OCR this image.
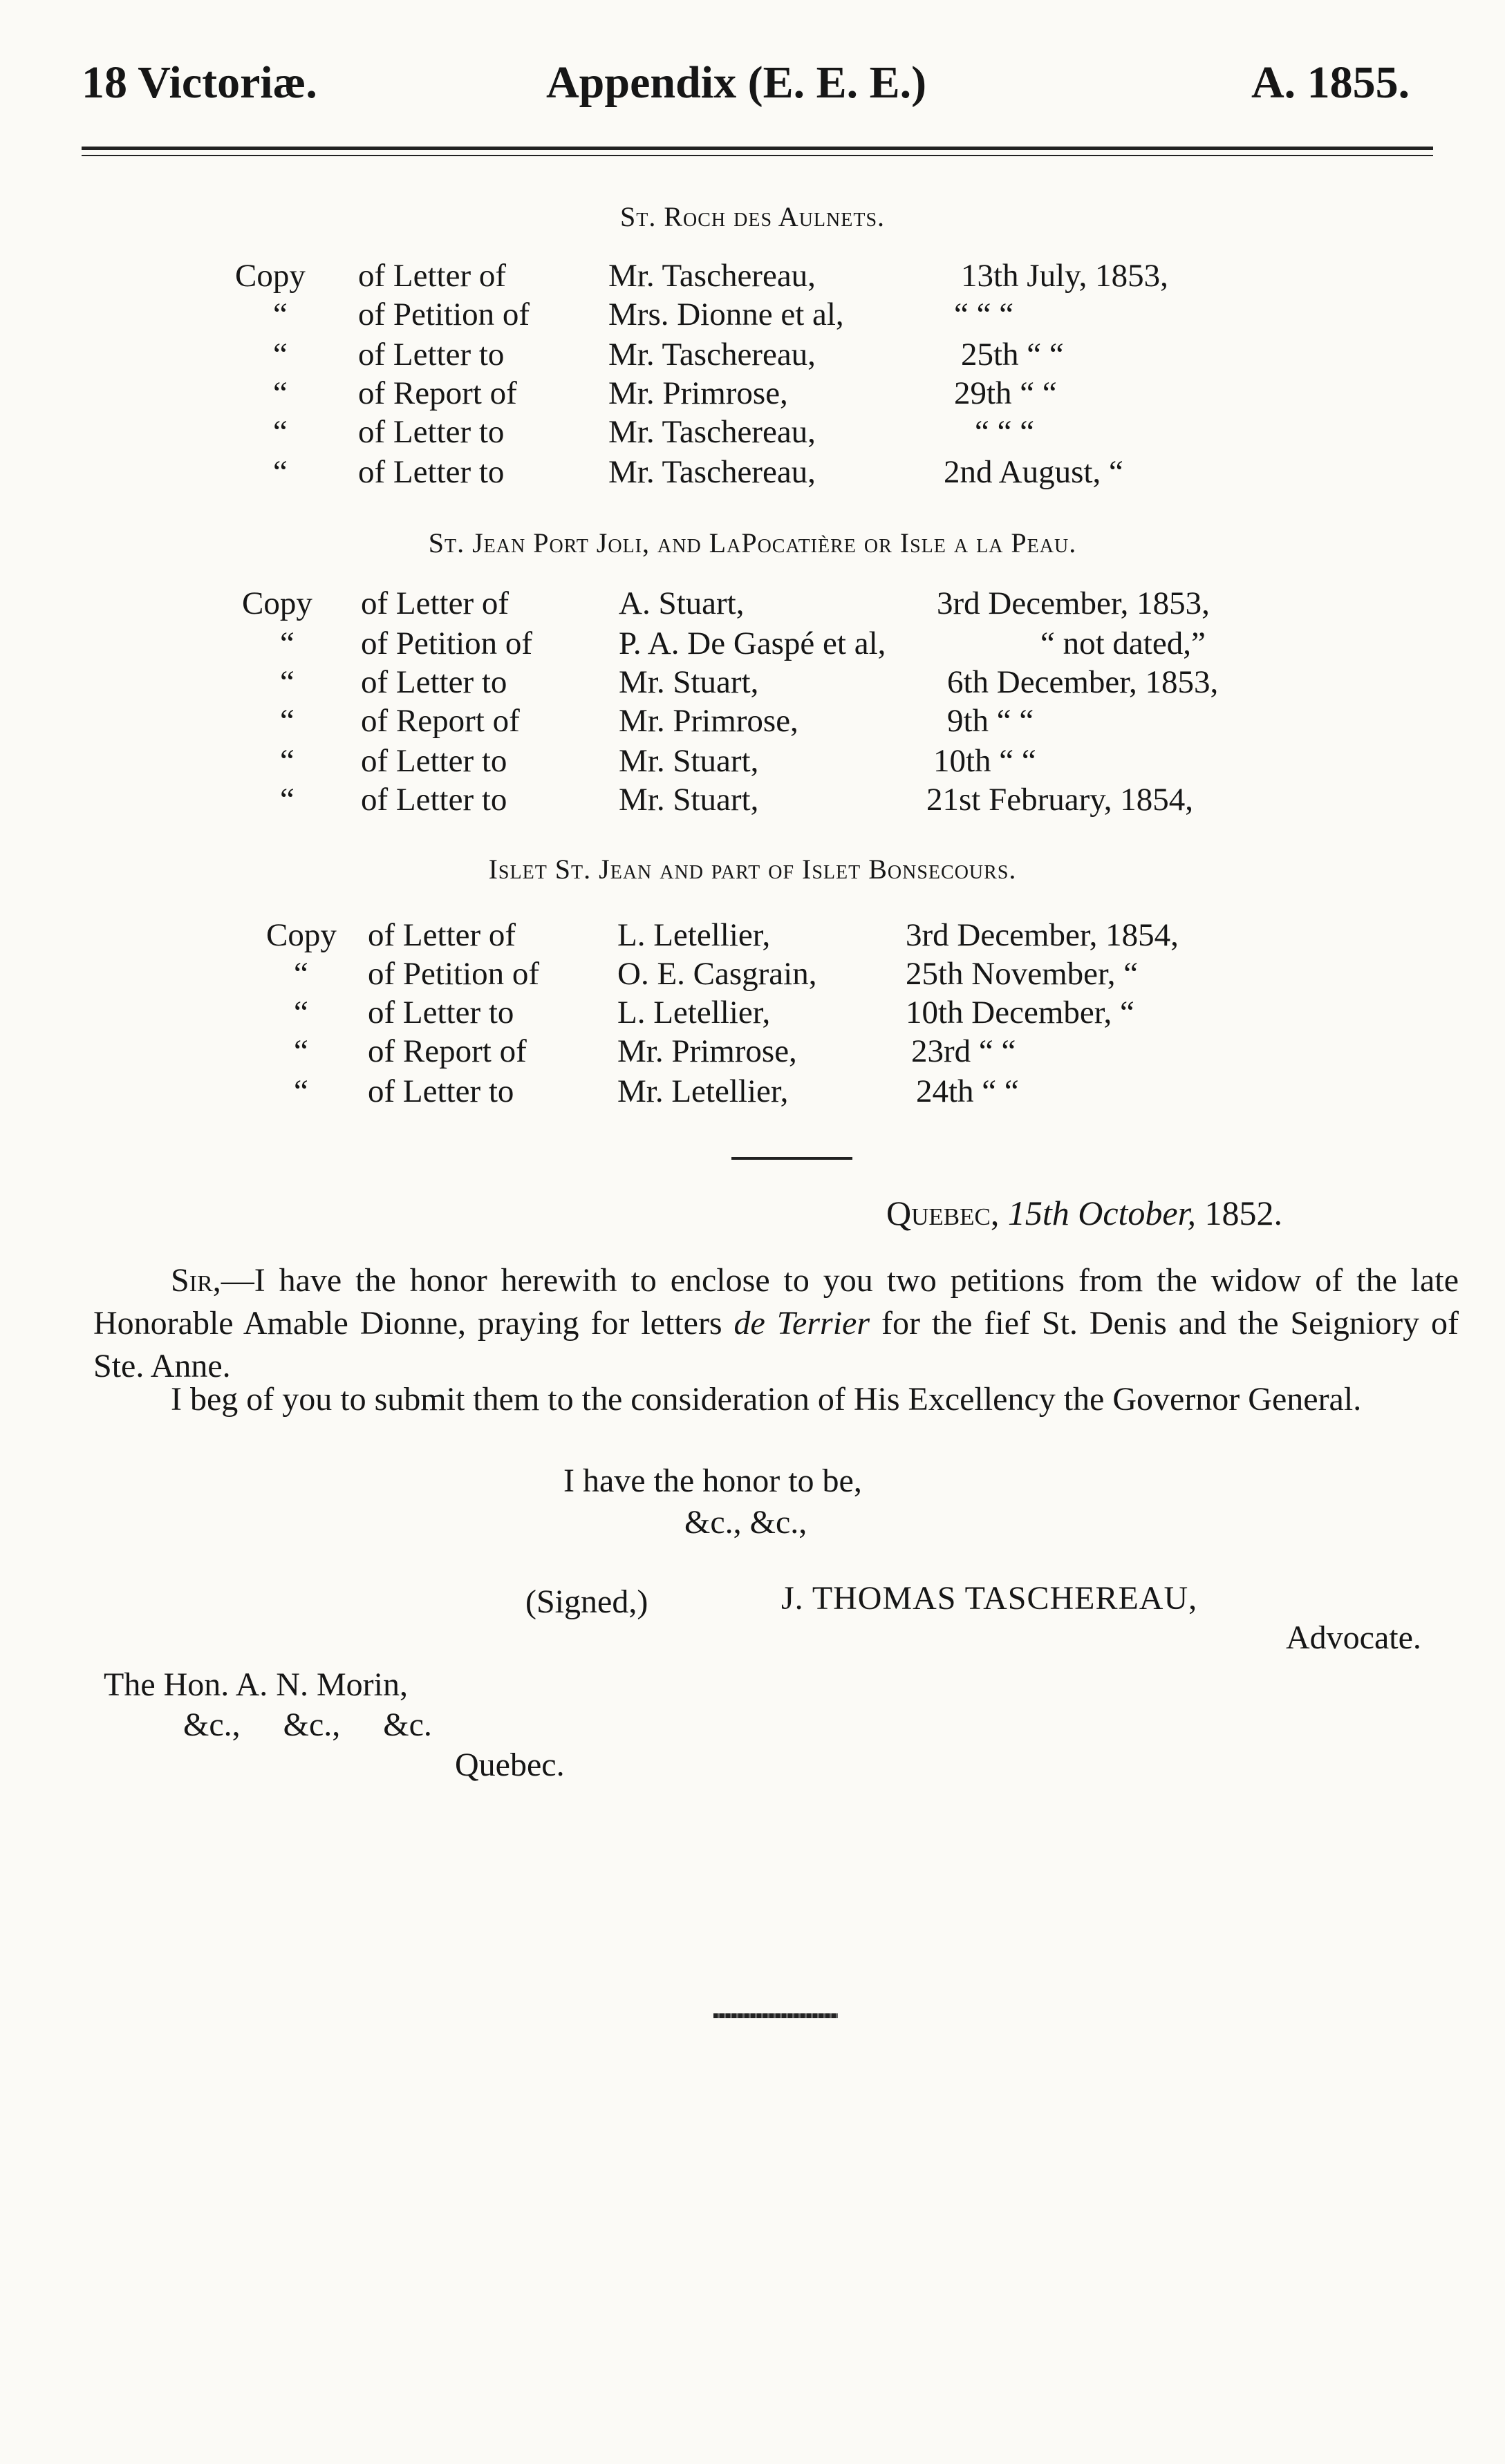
18 Victoriæ.	Appendix (E. E. E.)	A. 1855.
St. Roch des Aulnets.
Copy of Letter of	Mr. Taschereau,	13th July, 1853,
“ of Petition of Mrs. Dionne et al,	“ “ “
“ of Letter to	Mr. Taschereau,	25th “ “
“ of Report of	Mr. Primrose,	29th “ “
“ of Letter to	Mr. Taschereau,	“ “ “
“ of Letter to	Mr. Taschereau,	2nd August, “
St. Jean Port Joli, and LaPocatière or Isle a la Peau.
Copy of Letter of	A. Stuart,	3rd December, 1853,
“ of Petition of	P. A. De Gaspé et al,	“ not dated,”
“ of Letter to	Mr. Stuart,	6th December, 1853,
“ of Report of	Mr. Primrose,	9th “ “
“ of Letter to	Mr. Stuart,	10th “ “
“ of Letter to	Mr. Stuart,	21st February, 1854,
Islet St. Jean and part of Islet Bonsecours.
Copy of Letter of	L. Letellier,	3rd December, 1854,
“ of Petition of O. E. Casgrain,	25th November, “
“ of Letter to	L. Letellier,	10th December, “
“ of Report of	Mr. Primrose,	23rd “ “
“ of Letter to	Mr. Letellier,	24th “ “
Quebec, 15th October, 1852.
Sir,—I have the honor herewith to enclose to you two petitions from the widow of the late Honorable Amable Dionne, praying for letters de Terrier for the fief St. Denis and the Seigniory of Ste. Anne.
I beg of you to submit them to the consideration of His Excellency the Governor General.
I have the honor to be,
&c., &c.,
(Signed,)	J. THOMAS TASCHEREAU,
Advocate.
The Hon. A. N. Morin,
&c., &c., &c.
Quebec.
